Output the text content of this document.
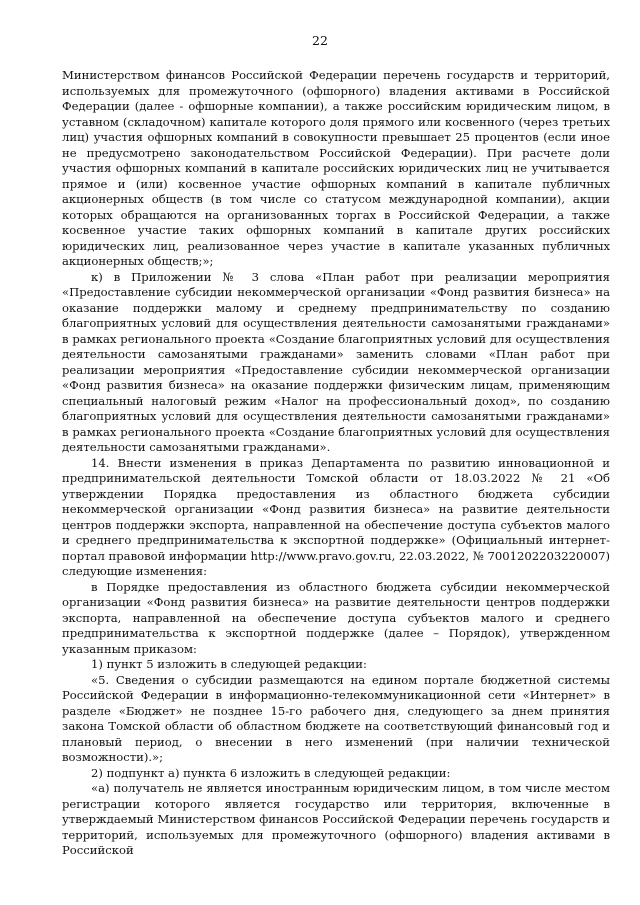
22

Министерством финансов Российской Федерации перечень государств и территорий, используемых для промежуточного (офшорного) владения активами в Российской Федерации (далее - офшорные компании), а также российским юридическим лицом, в уставном (складочном) капитале которого доля прямого или косвенного (через третьих лиц) участия офшорных компаний в совокупности превышает 25 процентов (если иное не предусмотрено законодательством Российской Федерации). При расчете доли участия офшорных компаний в капитале российских юридических лиц не учитывается прямое и (или) косвенное участие офшорных компаний в капитале публичных акционерных обществ (в том числе со статусом международной компании), акции которых обращаются на организованных торгах в Российской Федерации, а также косвенное участие таких офшорных компаний в капитале других российских юридических лиц, реализованное через участие в капитале указанных публичных акционерных обществ;»;

к) в Приложении № 3 слова «План работ при реализации мероприятия «Предоставление субсидии некоммерческой организации «Фонд развития бизнеса» на оказание поддержки малому и среднему предпринимательству по созданию благоприятных условий для осуществления деятельности самозанятыми гражданами» в рамках регионального проекта «Создание благоприятных условий для осуществления деятельности самозанятыми гражданами» заменить словами «План работ при реализации мероприятия «Предоставление субсидии некоммерческой организации «Фонд развития бизнеса» на оказание поддержки физическим лицам, применяющим специальный налоговый режим «Налог на профессиональный доход», по созданию благоприятных условий для осуществления деятельности самозанятыми гражданами» в рамках регионального проекта «Создание благоприятных условий для осуществления деятельности самозанятыми гражданами».

14. Внести изменения в приказ Департамента по развитию инновационной и предпринимательской деятельности Томской области от 18.03.2022 № 21 «Об утверждении Порядка предоставления из областного бюджета субсидии некоммерческой организации «Фонд развития бизнеса» на развитие деятельности центров поддержки экспорта, направленной на обеспечение доступа субъектов малого и среднего предпринимательства к экспортной поддержке» (Официальный интернет-портал правовой информации http://www.pravo.gov.ru, 22.03.2022, № 7001202203220007) следующие изменения:

в Порядке предоставления из областного бюджета субсидии некоммерческой организации «Фонд развития бизнеса» на развитие деятельности центров поддержки экспорта, направленной на обеспечение доступа субъектов малого и среднего предпринимательства к экспортной поддержке (далее – Порядок), утвержденном указанным приказом:

1) пункт 5 изложить в следующей редакции:

«5. Сведения о субсидии размещаются на едином портале бюджетной системы Российской Федерации в информационно-телекоммуникационной сети «Интернет» в разделе «Бюджет» не позднее 15-го рабочего дня, следующего за днем принятия закона Томской области об областном бюджете на соответствующий финансовый год и плановый период, о внесении в него изменений (при наличии технической возможности).»;

2) подпункт а) пункта 6 изложить в следующей редакции:

«а) получатель не является иностранным юридическим лицом, в том числе местом регистрации которого является государство или территория, включенные в утверждаемый Министерством финансов Российской Федерации перечень государств и территорий, используемых для промежуточного (офшорного) владения активами в Российской
